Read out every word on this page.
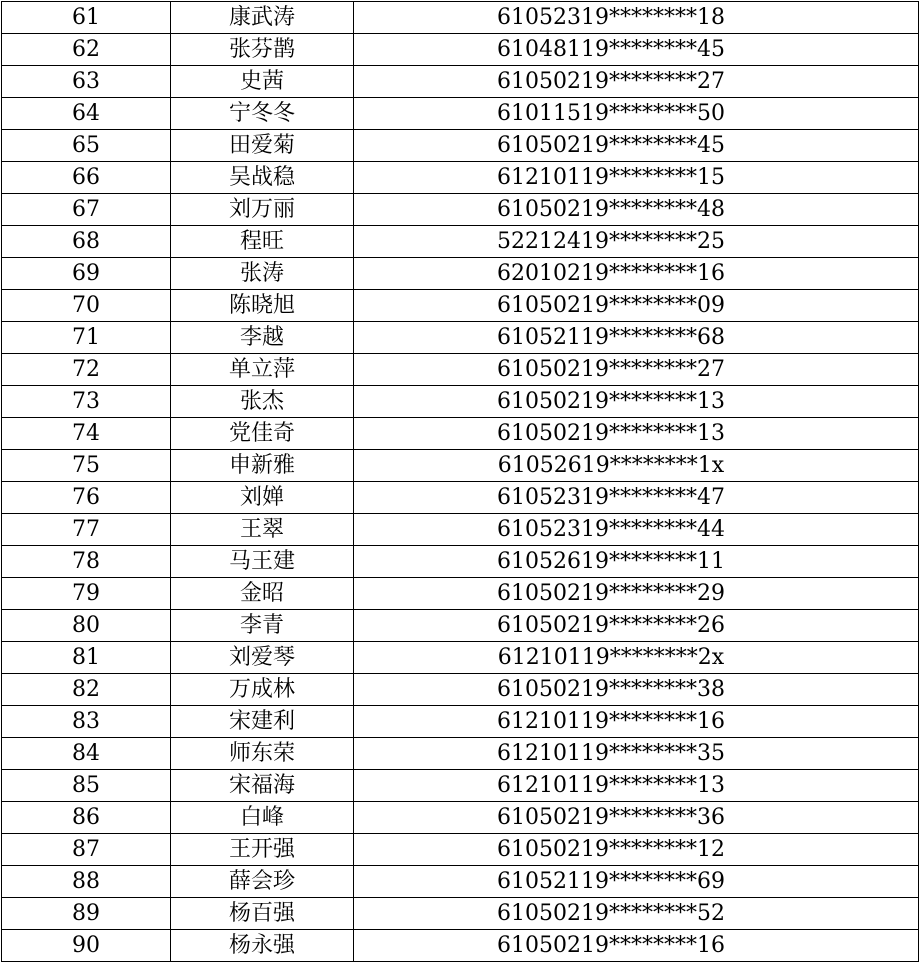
61	康武涛	61052319********18
62	张芬鹊	61048119********45
63	史茜	61050219********27
64	宁冬冬	61011519********50
65	田爱菊	61050219********45
66	吴战稳	61210119********15
67	刘万丽	61050219********48
68	程旺	52212419********25
69	张涛	62010219********16
70	陈晓旭	61050219********09
71	李越	61052119********68
72	单立萍	61050219********27
73	张杰	61050219********13
74	党佳奇	61050219********13
75	申新雅	61052619********1x
76	刘婵	61052319********47
77	王翠	61052319********44
78	马王建	61052619********11
79	金昭	61050219********29
80	李青	61050219********26
81	刘爱琴	61210119********2x
82	万成林	61050219********38
83	宋建利	61210119********16
84	师东荣	61210119********35
85	宋福海	61210119********13
86	白峰	61050219********36
87	王开强	61050219********12
88	薛会珍	61052119********69
89	杨百强	61050219********52
90	杨永强	61050219********16
